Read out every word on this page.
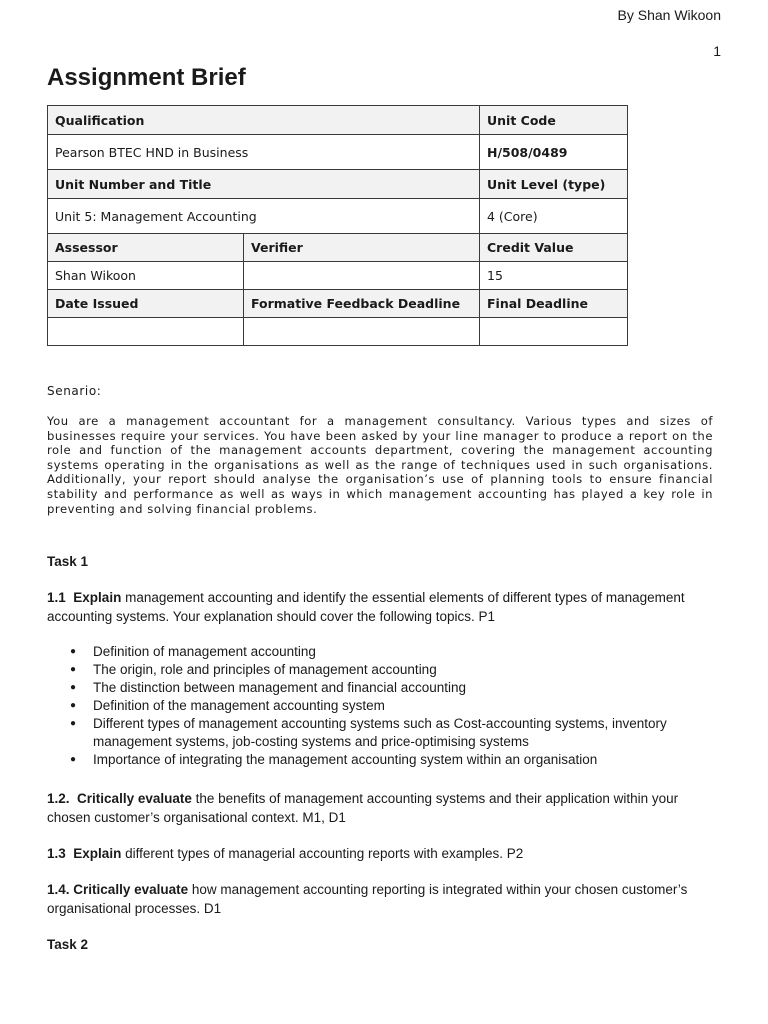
By Shan Wikoon
1
Assignment Brief
Qualification		Unit Code
Pearson BTEC HND in Business		H/508/0489
Unit Number and Title		Unit Level (type)
Unit 5: Management Accounting		4 (Core)
Assessor	Verifier	Credit Value
Shan Wikoon		15
Date Issued	Formative Feedback Deadline	Final Deadline

Senario:

You are a management accountant for a management consultancy. Various types and sizes of businesses require your services. You have been asked by your line manager to produce a report on the role and function of the management accounts department, covering the management accounting systems operating in the organisations as well as the range of techniques used in such organisations. Additionally, your report should analyse the organisation’s use of planning tools to ensure financial stability and performance as well as ways in which management accounting has played a key role in preventing and solving financial problems.

Task 1
1.1 Explain management accounting and identify the essential elements of different types of management accounting systems. Your explanation should cover the following topics. P1
● Definition of management accounting
● The origin, role and principles of management accounting
● The distinction between management and financial accounting
● Definition of the management accounting system
● Different types of management accounting systems such as Cost-accounting systems, inventory management systems, job-costing systems and price-optimising systems
● Importance of integrating the management accounting system within an organisation
1.2. Critically evaluate the benefits of management accounting systems and their application within your chosen customer’s organisational context. M1, D1
1.3 Explain different types of managerial accounting reports with examples. P2
1.4. Critically evaluate how management accounting reporting is integrated within your chosen customer’s organisational processes. D1
Task 2
